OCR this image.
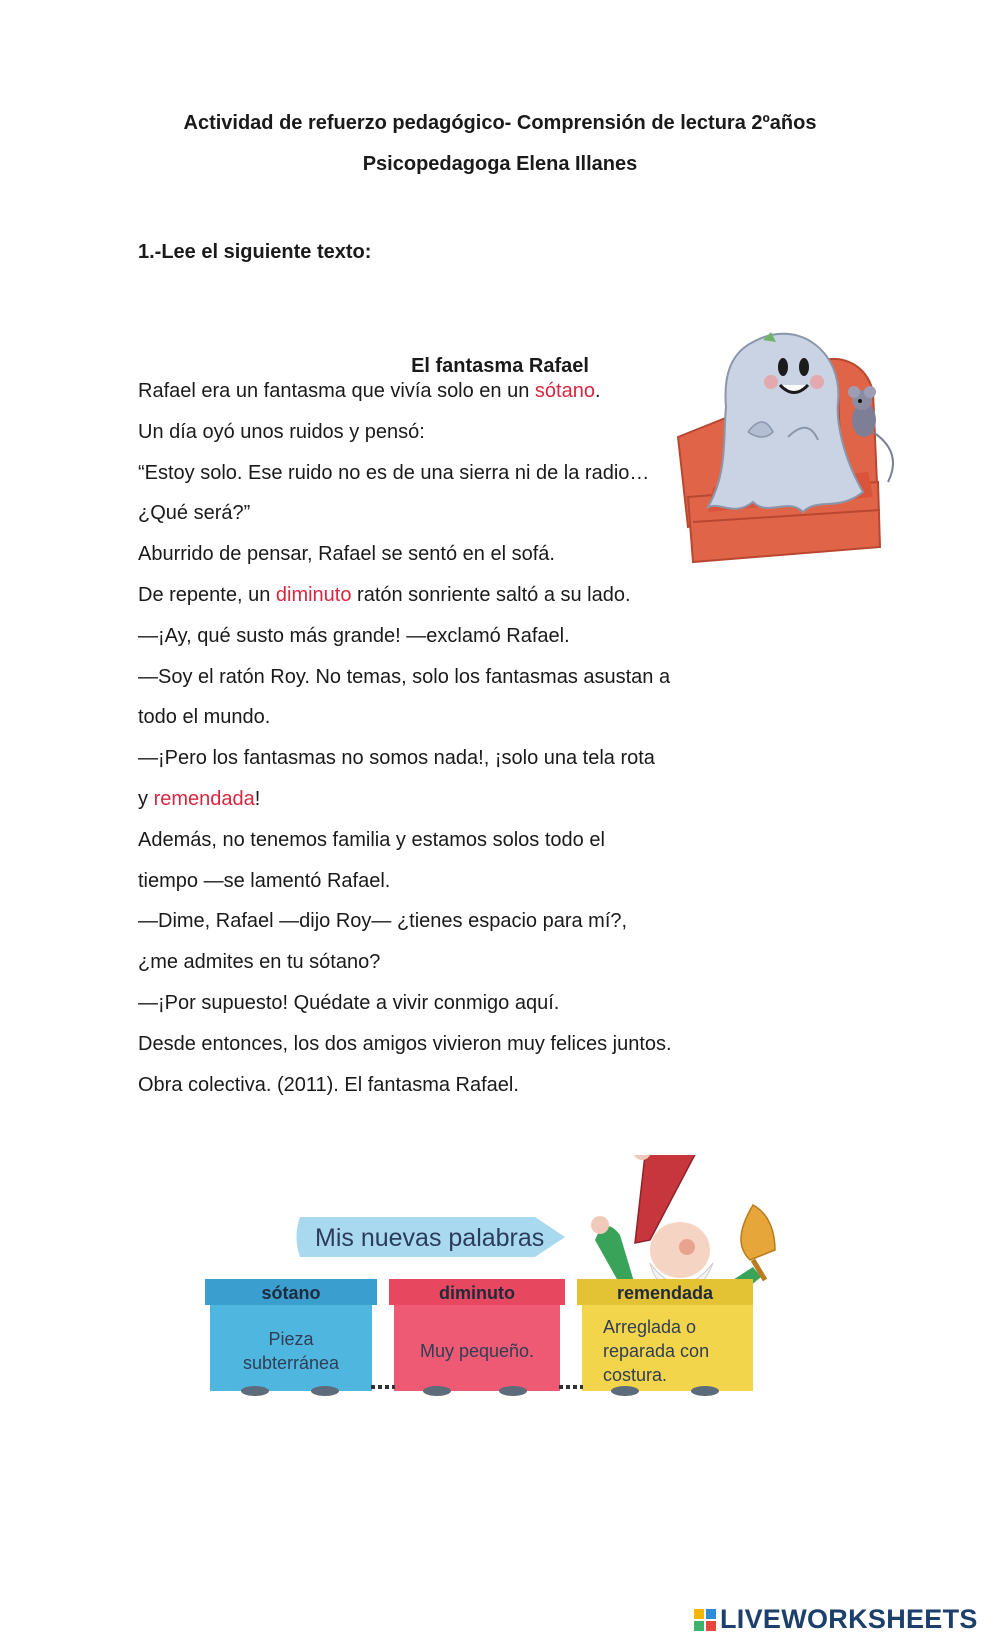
Actividad de refuerzo pedagógico- Comprensión de lectura 2ºaños
Psicopedagoga Elena Illanes
1.-Lee el siguiente texto:
El fantasma Rafael
Rafael era un fantasma que vivía solo en un sótano.
Un día oyó unos ruidos y pensó:
“Estoy solo. Ese ruido no es de una sierra ni de la radio…
¿Qué será?”
Aburrido de pensar, Rafael se sentó en el sofá.
De repente, un diminuto ratón sonriente saltó a su lado.
—¡Ay, qué susto más grande! —exclamó Rafael.
—Soy el ratón Roy. No temas, solo los fantasmas asustan a
todo el mundo.
—¡Pero los fantasmas no somos nada!, ¡solo una tela rota
y remendada!
Además, no tenemos familia y estamos solos todo el
tiempo —se lamentó Rafael.
—Dime, Rafael —dijo Roy— ¿tienes espacio para mí?,
¿me admites en tu sótano?
—¡Por supuesto! Quédate a vivir conmigo aquí.
Desde entonces, los dos amigos vivieron muy felices juntos.
Obra colectiva. (2011). El fantasma Rafael.
Mis nuevas palabras
sótano
Pieza
subterránea
diminuto
Muy pequeño.
remendada
Arreglada o
reparada con
costura.
LIVEWORKSHEETS
